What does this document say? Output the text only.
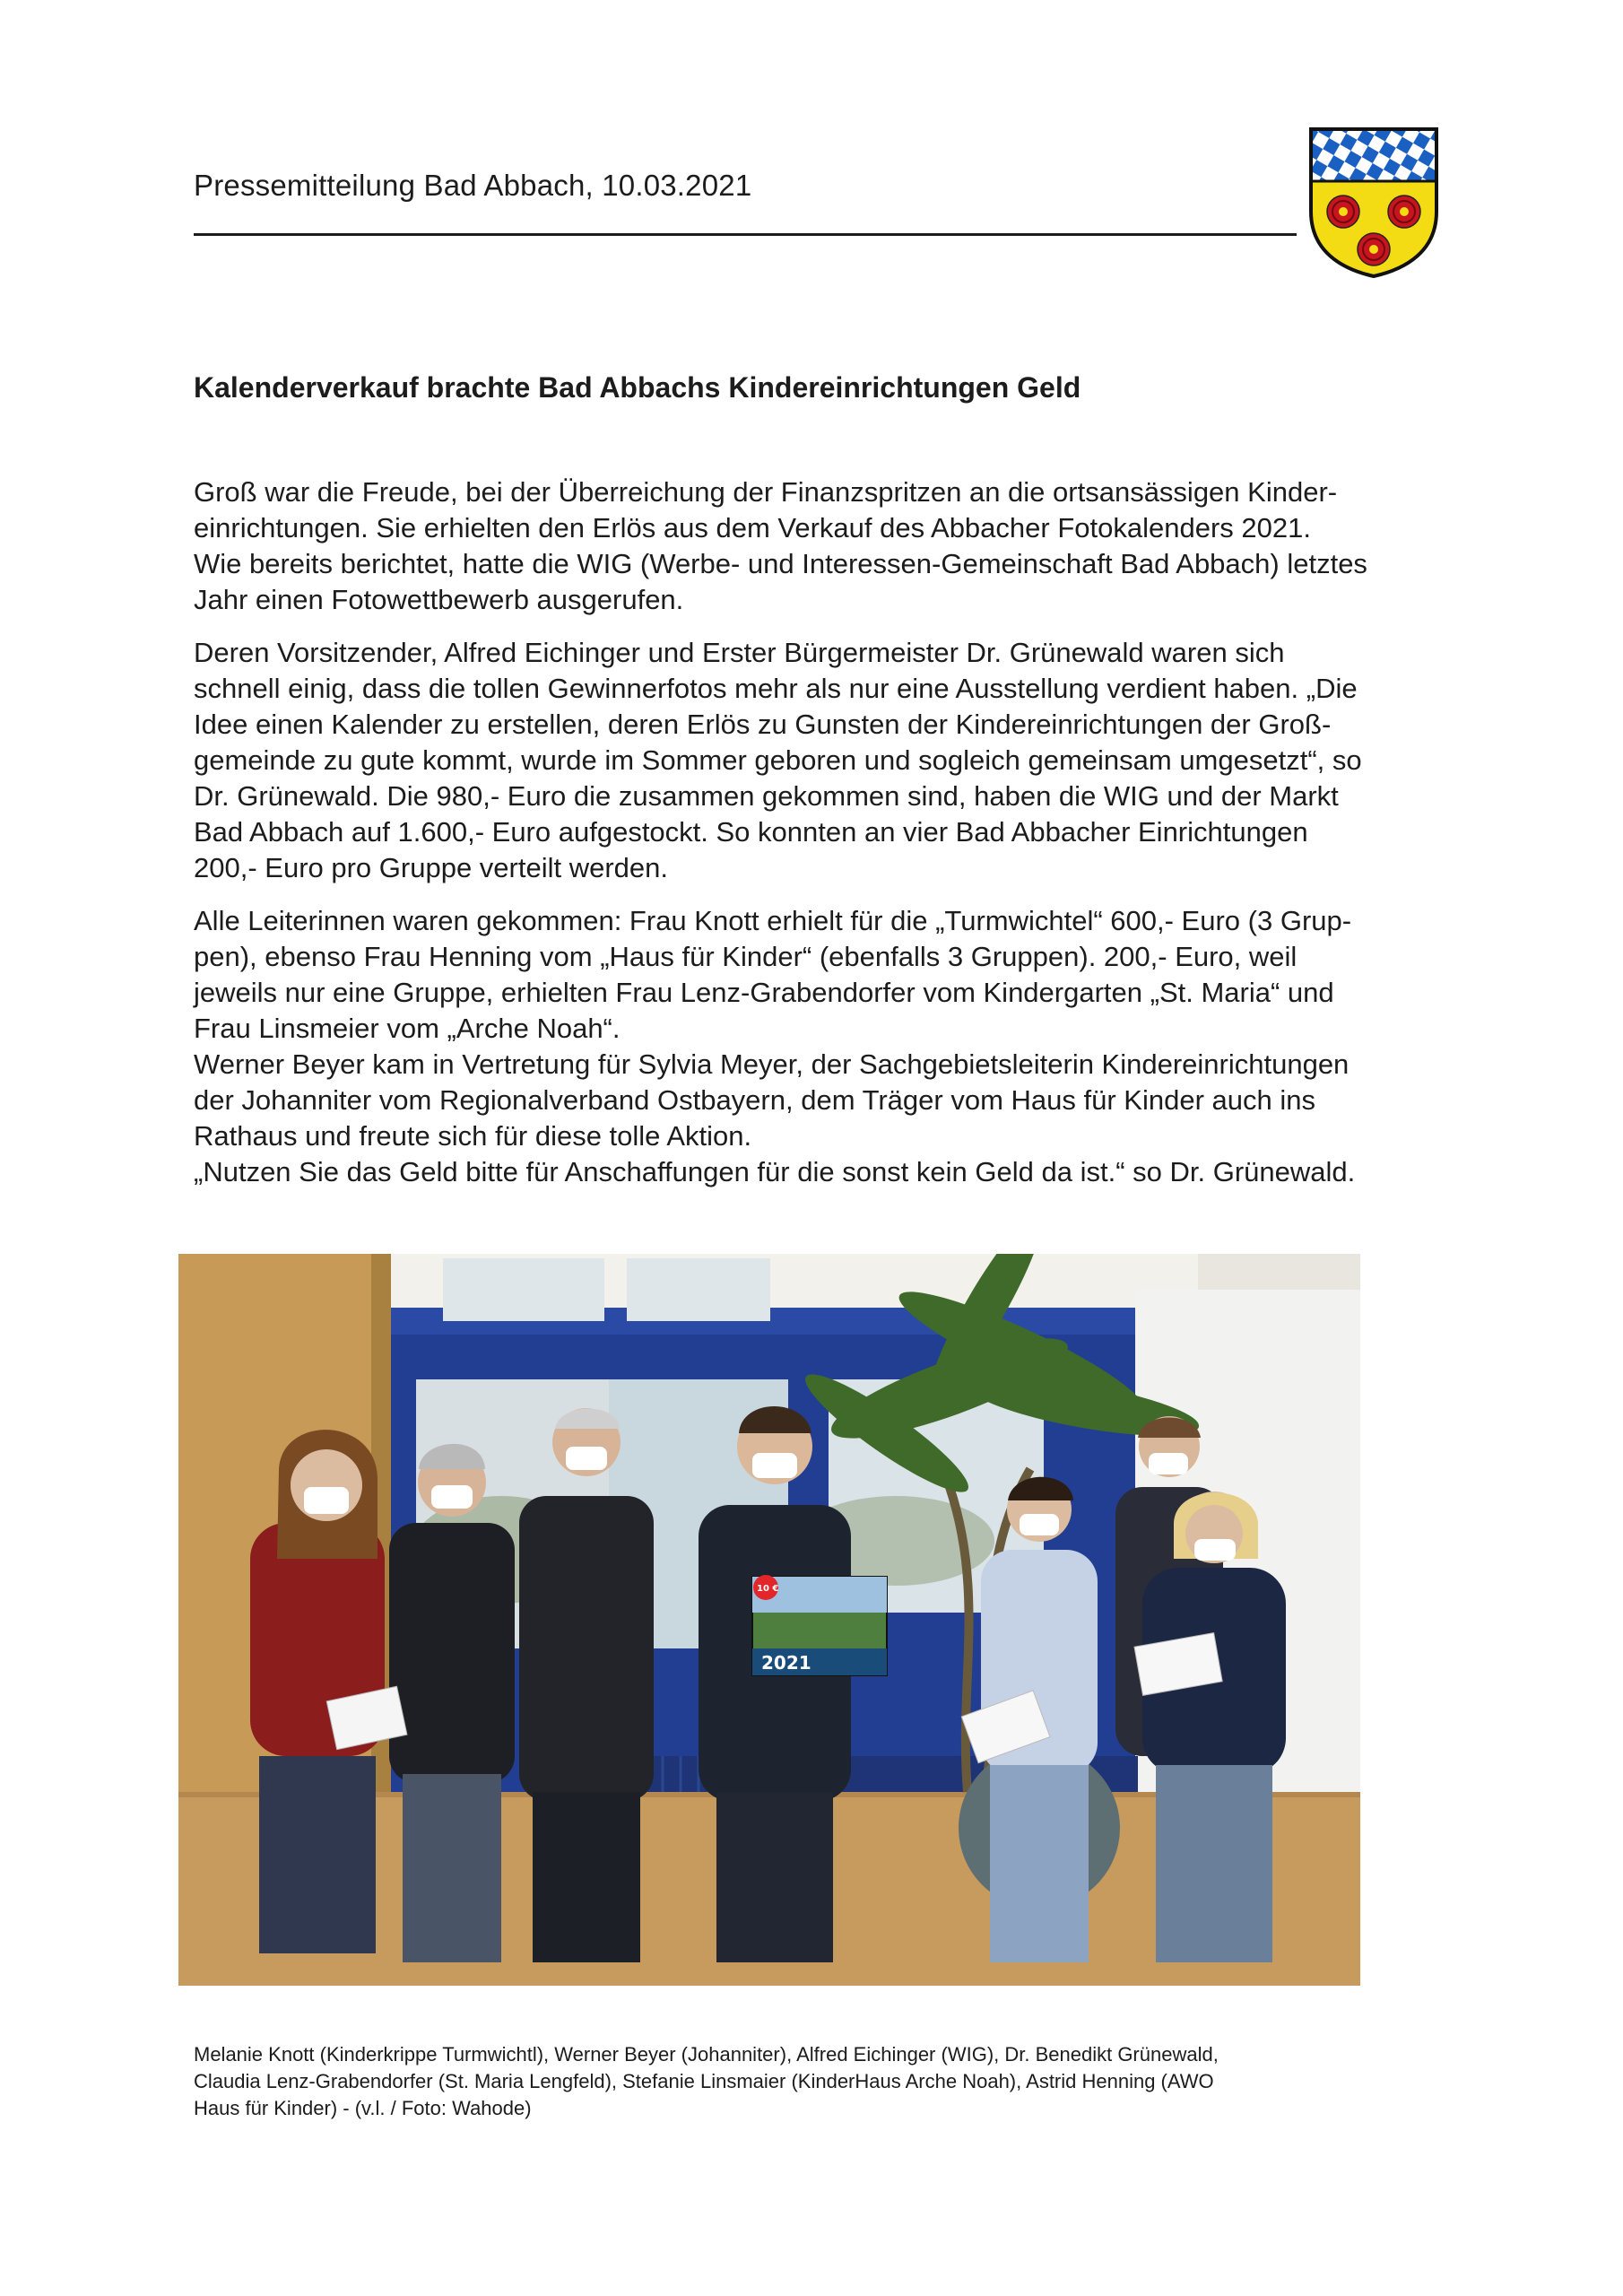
Pressemitteilung Bad Abbach, 10.03.2021
Kalenderverkauf brachte Bad Abbachs Kindereinrichtungen Geld

Groß war die Freude, bei der Überreichung der Finanzspritzen an die ortsansässigen Kinder-
einrichtungen. Sie erhielten den Erlös aus dem Verkauf des Abbacher Fotokalenders 2021.
Wie bereits berichtet, hatte die WIG (Werbe- und Interessen-Gemeinschaft Bad Abbach) letztes
Jahr einen Fotowettbewerb ausgerufen.

Deren Vorsitzender, Alfred Eichinger und Erster Bürgermeister Dr. Grünewald waren sich
schnell einig, dass die tollen Gewinnerfotos mehr als nur eine Ausstellung verdient haben. „Die
Idee einen Kalender zu erstellen, deren Erlös zu Gunsten der Kindereinrichtungen der Groß-
gemeinde zu gute kommt, wurde im Sommer geboren und sogleich gemeinsam umgesetzt“, so
Dr. Grünewald. Die 980,- Euro die zusammen gekommen sind, haben die WIG und der Markt
Bad Abbach auf 1.600,- Euro aufgestockt. So konnten an vier Bad Abbacher Einrichtungen
200,- Euro pro Gruppe verteilt werden.

Alle Leiterinnen waren gekommen: Frau Knott erhielt für die „Turmwichtel“ 600,- Euro (3 Grup-
pen), ebenso Frau Henning vom „Haus für Kinder“ (ebenfalls 3 Gruppen). 200,- Euro, weil
jeweils nur eine Gruppe, erhielten Frau Lenz-Grabendorfer vom Kindergarten „St. Maria“ und
Frau Linsmeier vom „Arche Noah“.

Werner Beyer kam in Vertretung für Sylvia Meyer, der Sachgebietsleiterin Kindereinrichtungen
der Johanniter vom Regionalverband Ostbayern, dem Träger vom Haus für Kinder auch ins
Rathaus und freute sich für diese tolle Aktion.

„Nutzen Sie das Geld bitte für Anschaffungen für die sonst kein Geld da ist.“ so Dr. Grünewald.

2021
10 €
Melanie Knott (Kinderkrippe Turmwichtl), Werner Beyer (Johanniter), Alfred Eichinger (WIG), Dr. Benedikt Grünewald,
Claudia Lenz-Grabendorfer (St. Maria Lengfeld), Stefanie Linsmaier (KinderHaus Arche Noah), Astrid Henning (AWO
Haus für Kinder) - (v.l. / Foto: Wahode)
